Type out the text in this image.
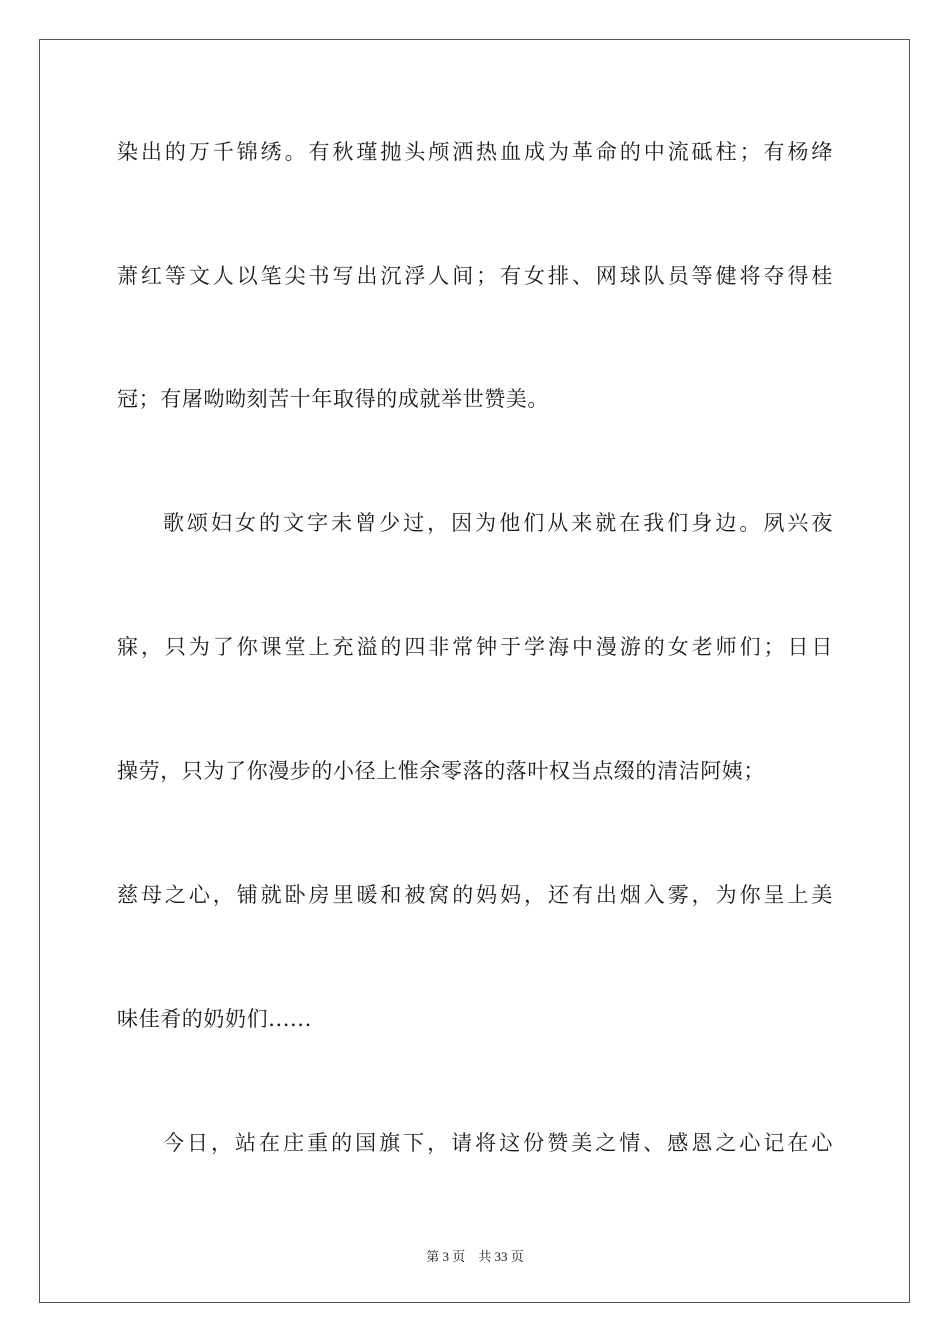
染出的万千锦绣。有秋瑾抛头颅洒热血成为革命的中流砥柱；有杨绛
萧红等文人以笔尖书写出沉浮人间；有女排、网球队员等健将夺得桂
冠；有屠呦呦刻苦十年取得的成就举世赞美。
歌颂妇女的文字未曾少过，因为他们从来就在我们身边。夙兴夜
寐，只为了你课堂上充溢的四非常钟于学海中漫游的女老师们；日日
操劳，只为了你漫步的小径上惟余零落的落叶权当点缀的清洁阿姨；
慈母之心，铺就卧房里暖和被窝的妈妈，还有出烟入雾，为你呈上美
味佳肴的奶奶们......
今日，站在庄重的国旗下，请将这份赞美之情、感恩之心记在心
第 3 页 共 33 页
